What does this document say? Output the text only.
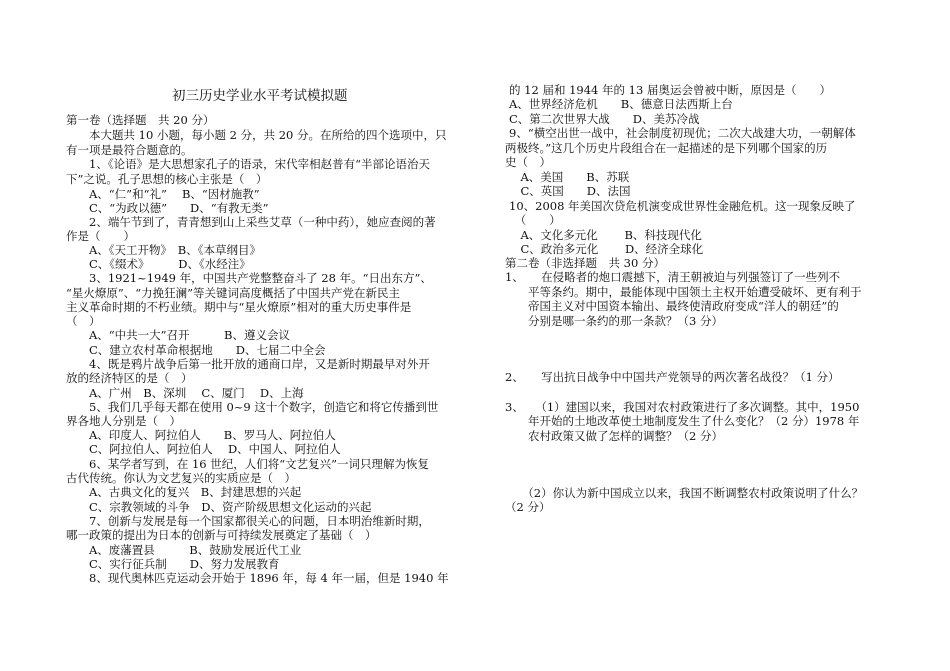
初三历史学业水平考试模拟题
第一卷（选择题　共 20 分）
　　本大题共 10 小题，每小题 2 分，共 20 分。在所给的四个选项中，只
有一项是最符合题意的。
　　1、《论语》是大思想家孔子的语录，宋代宰相赵普有“半部论语治天
下”之说。孔子思想的核心主张是（　）
　　A、“仁”和“礼”　 B、“因材施教”
　　C、“为政以德”　　D、“有教无类”
　　2、端午节到了，青青想到山上采些艾草（一种中药），她应查阅的著
作是（　　）
　　A、《天工开物》　B、《本草纲目》
　　C、《缀术》　　　D、《水经注》
　　3、1921~1949 年，中国共产党整整奋斗了 28 年。“日出东方”、
“星火燎原”、“力挽狂澜”等关键词高度概括了中国共产党在新民主
主义革命时期的不朽业绩。期中与“星火燎原”相对的重大历史事件是
（　）
　　A、“中共一大”召开　　　B、遵义会议
　　C、建立农村革命根据地　　D、七届二中全会
　　4、既是鸦片战争后第一批开放的通商口岸，又是新时期最早对外开
放的经济特区的是（　）
　　A、广州　B、深圳　 C、厦门　 D、上海
　　5、我们几乎每天都在使用 0~9 这十个数字，创造它和将它传播到世
界各地人分别是（　）
　　A、印度人、阿拉伯人　　B、罗马人、阿拉伯人
　　C、阿拉伯人、阿拉伯人　 D、中国人、阿拉伯人
　　6、某学者写到，在 16 世纪，人们将“文艺复兴”一词只理解为恢复
古代传统。你认为文艺复兴的实质应是（　）
　　A、古典文化的复兴　B、封建思想的兴起
　　C、宗教领域的斗争　D、资产阶级思想文化运动的兴起
　　7、创新与发展是每一个国家都很关心的问题，日本明治维新时期，
哪一政策的提出为日本的创新与可持续发展奠定了基础（　）
　　A、废藩置县　　　B、鼓励发展近代工业
　　C、实行征兵制　　D、努力发展教育
　　8、现代奥林匹克运动会开始于 1896 年，每 4 年一届，但是 1940 年
的 12 届和 1944 年的 13 届奥运会曾被中断，原因是（　　）
A、世界经济危机　　B、德意日法西斯上台
C、第二次世界大战　　D、美苏冷战
9、“横空出世一战中，社会制度初现优；二次大战建大功，一朝解体
两极终。”这几个历史片段组合在一起描述的是下列哪个国家的历
史（　）
　A、美国　　B、苏联
　C、英国　　D、法国
10、2008 年美国次贷危机演变成世界性金融危机。这一现象反映了
　（　　）
　A、文化多元化　　 B、科技现代化
　C、政治多元化　　 D、经济全球化
第二卷（非选择题　共 30 分）
1、　　在侵略者的炮口震撼下，清王朝被迫与列强签订了一些列不
　　平等条约。期中，最能体现中国领土主权开始遭受破坏、更有利于
　　帝国主义对中国资本输出、最终使清政府变成“洋人的朝廷”的
　　分别是哪一条约的那一条款？（3 分）
2、　　写出抗日战争中中国共产党领导的两次著名战役？（1 分）
3、　　（1）建国以来，我国对农村政策进行了多次调整。其中，1950
　　年开始的土地改革使土地制度发生了什么变化？（2 分）1978 年
　　农村政策又做了怎样的调整？（2 分）
　　（2）你认为新中国成立以来，我国不断调整农村政策说明了什么？
（2 分）
